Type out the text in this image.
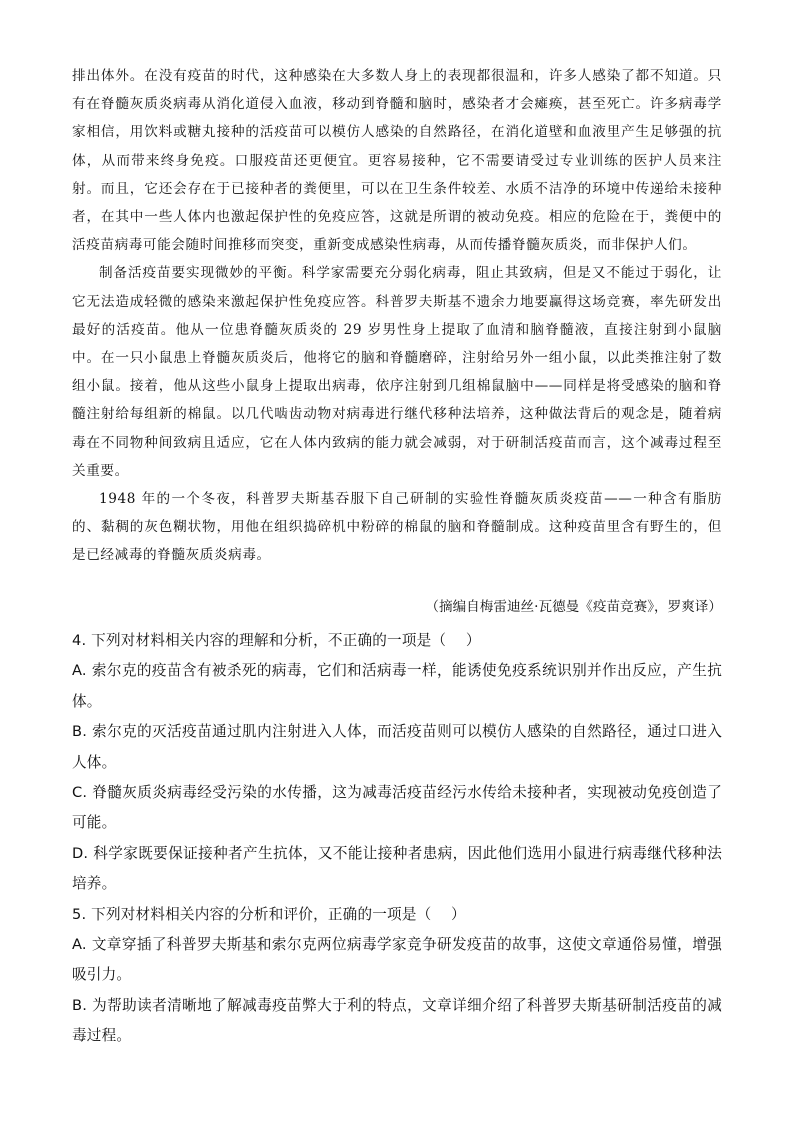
排出体外。在没有疫苗的时代，这种感染在大多数人身上的表现都很温和，许多人感染了都不知道。只有在脊髓灰质炎病毒从消化道侵入血液，移动到脊髓和脑时，感染者才会瘫痪，甚至死亡。许多病毒学家相信，用饮料或糖丸接种的活疫苗可以模仿人感染的自然路径，在消化道壁和血液里产生足够强的抗体，从而带来终身免疫。口服疫苗还更便宜。更容易接种，它不需要请受过专业训练的医护人员来注射。而且，它还会存在于已接种者的粪便里，可以在卫生条件较差、水质不洁净的环境中传递给未接种者，在其中一些人体内也激起保护性的免疫应答，这就是所谓的被动免疫。相应的危险在于，粪便中的活疫苗病毒可能会随时间推移而突变，重新变成感染性病毒，从而传播脊髓灰质炎，而非保护人们。

制备活疫苗要实现微妙的平衡。科学家需要充分弱化病毒，阻止其致病，但是又不能过于弱化，让它无法造成轻微的感染来激起保护性免疫应答。科普罗夫斯基不遗余力地要赢得这场竞赛，率先研发出最好的活疫苗。他从一位患脊髓灰质炎的 29 岁男性身上提取了血清和脑脊髓液，直接注射到小鼠脑中。在一只小鼠患上脊髓灰质炎后，他将它的脑和脊髓磨碎，注射给另外一组小鼠，以此类推注射了数组小鼠。接着，他从这些小鼠身上提取出病毒，依序注射到几组棉鼠脑中——同样是将受感染的脑和脊髓注射给每组新的棉鼠。以几代啮齿动物对病毒进行继代移种法培养，这种做法背后的观念是，随着病毒在不同物种间致病且适应，它在人体内致病的能力就会减弱，对于研制活疫苗而言，这个减毒过程至关重要。

1948 年的一个冬夜，科普罗夫斯基吞服下自己研制的实验性脊髓灰质炎疫苗——一种含有脂肪的、黏稠的灰色糊状物，用他在组织捣碎机中粉碎的棉鼠的脑和脊髓制成。这种疫苗里含有野生的，但是已经减毒的脊髓灰质炎病毒。

（摘编自梅雷迪丝·瓦德曼《疫苗竞赛》，罗爽译）

4. 下列对材料相关内容的理解和分析，不正确的一项是（　 ）

A. 索尔克的疫苗含有被杀死的病毒，它们和活病毒一样，能诱使免疫系统识别并作出反应，产生抗体。

B. 索尔克的灭活疫苗通过肌内注射进入人体，而活疫苗则可以模仿人感染的自然路径，通过口进入人体。

C. 脊髓灰质炎病毒经受污染的水传播，这为减毒活疫苗经污水传给未接种者，实现被动免疫创造了可能。

D. 科学家既要保证接种者产生抗体，又不能让接种者患病，因此他们选用小鼠进行病毒继代移种法培养。

5. 下列对材料相关内容的分析和评价，正确的一项是（　 ）

A. 文章穿插了科普罗夫斯基和索尔克两位病毒学家竞争研发疫苗的故事，这使文章通俗易懂，增强吸引力。

B. 为帮助读者清晰地了解减毒疫苗弊大于利的特点，文章详细介绍了科普罗夫斯基研制活疫苗的减毒过程。
